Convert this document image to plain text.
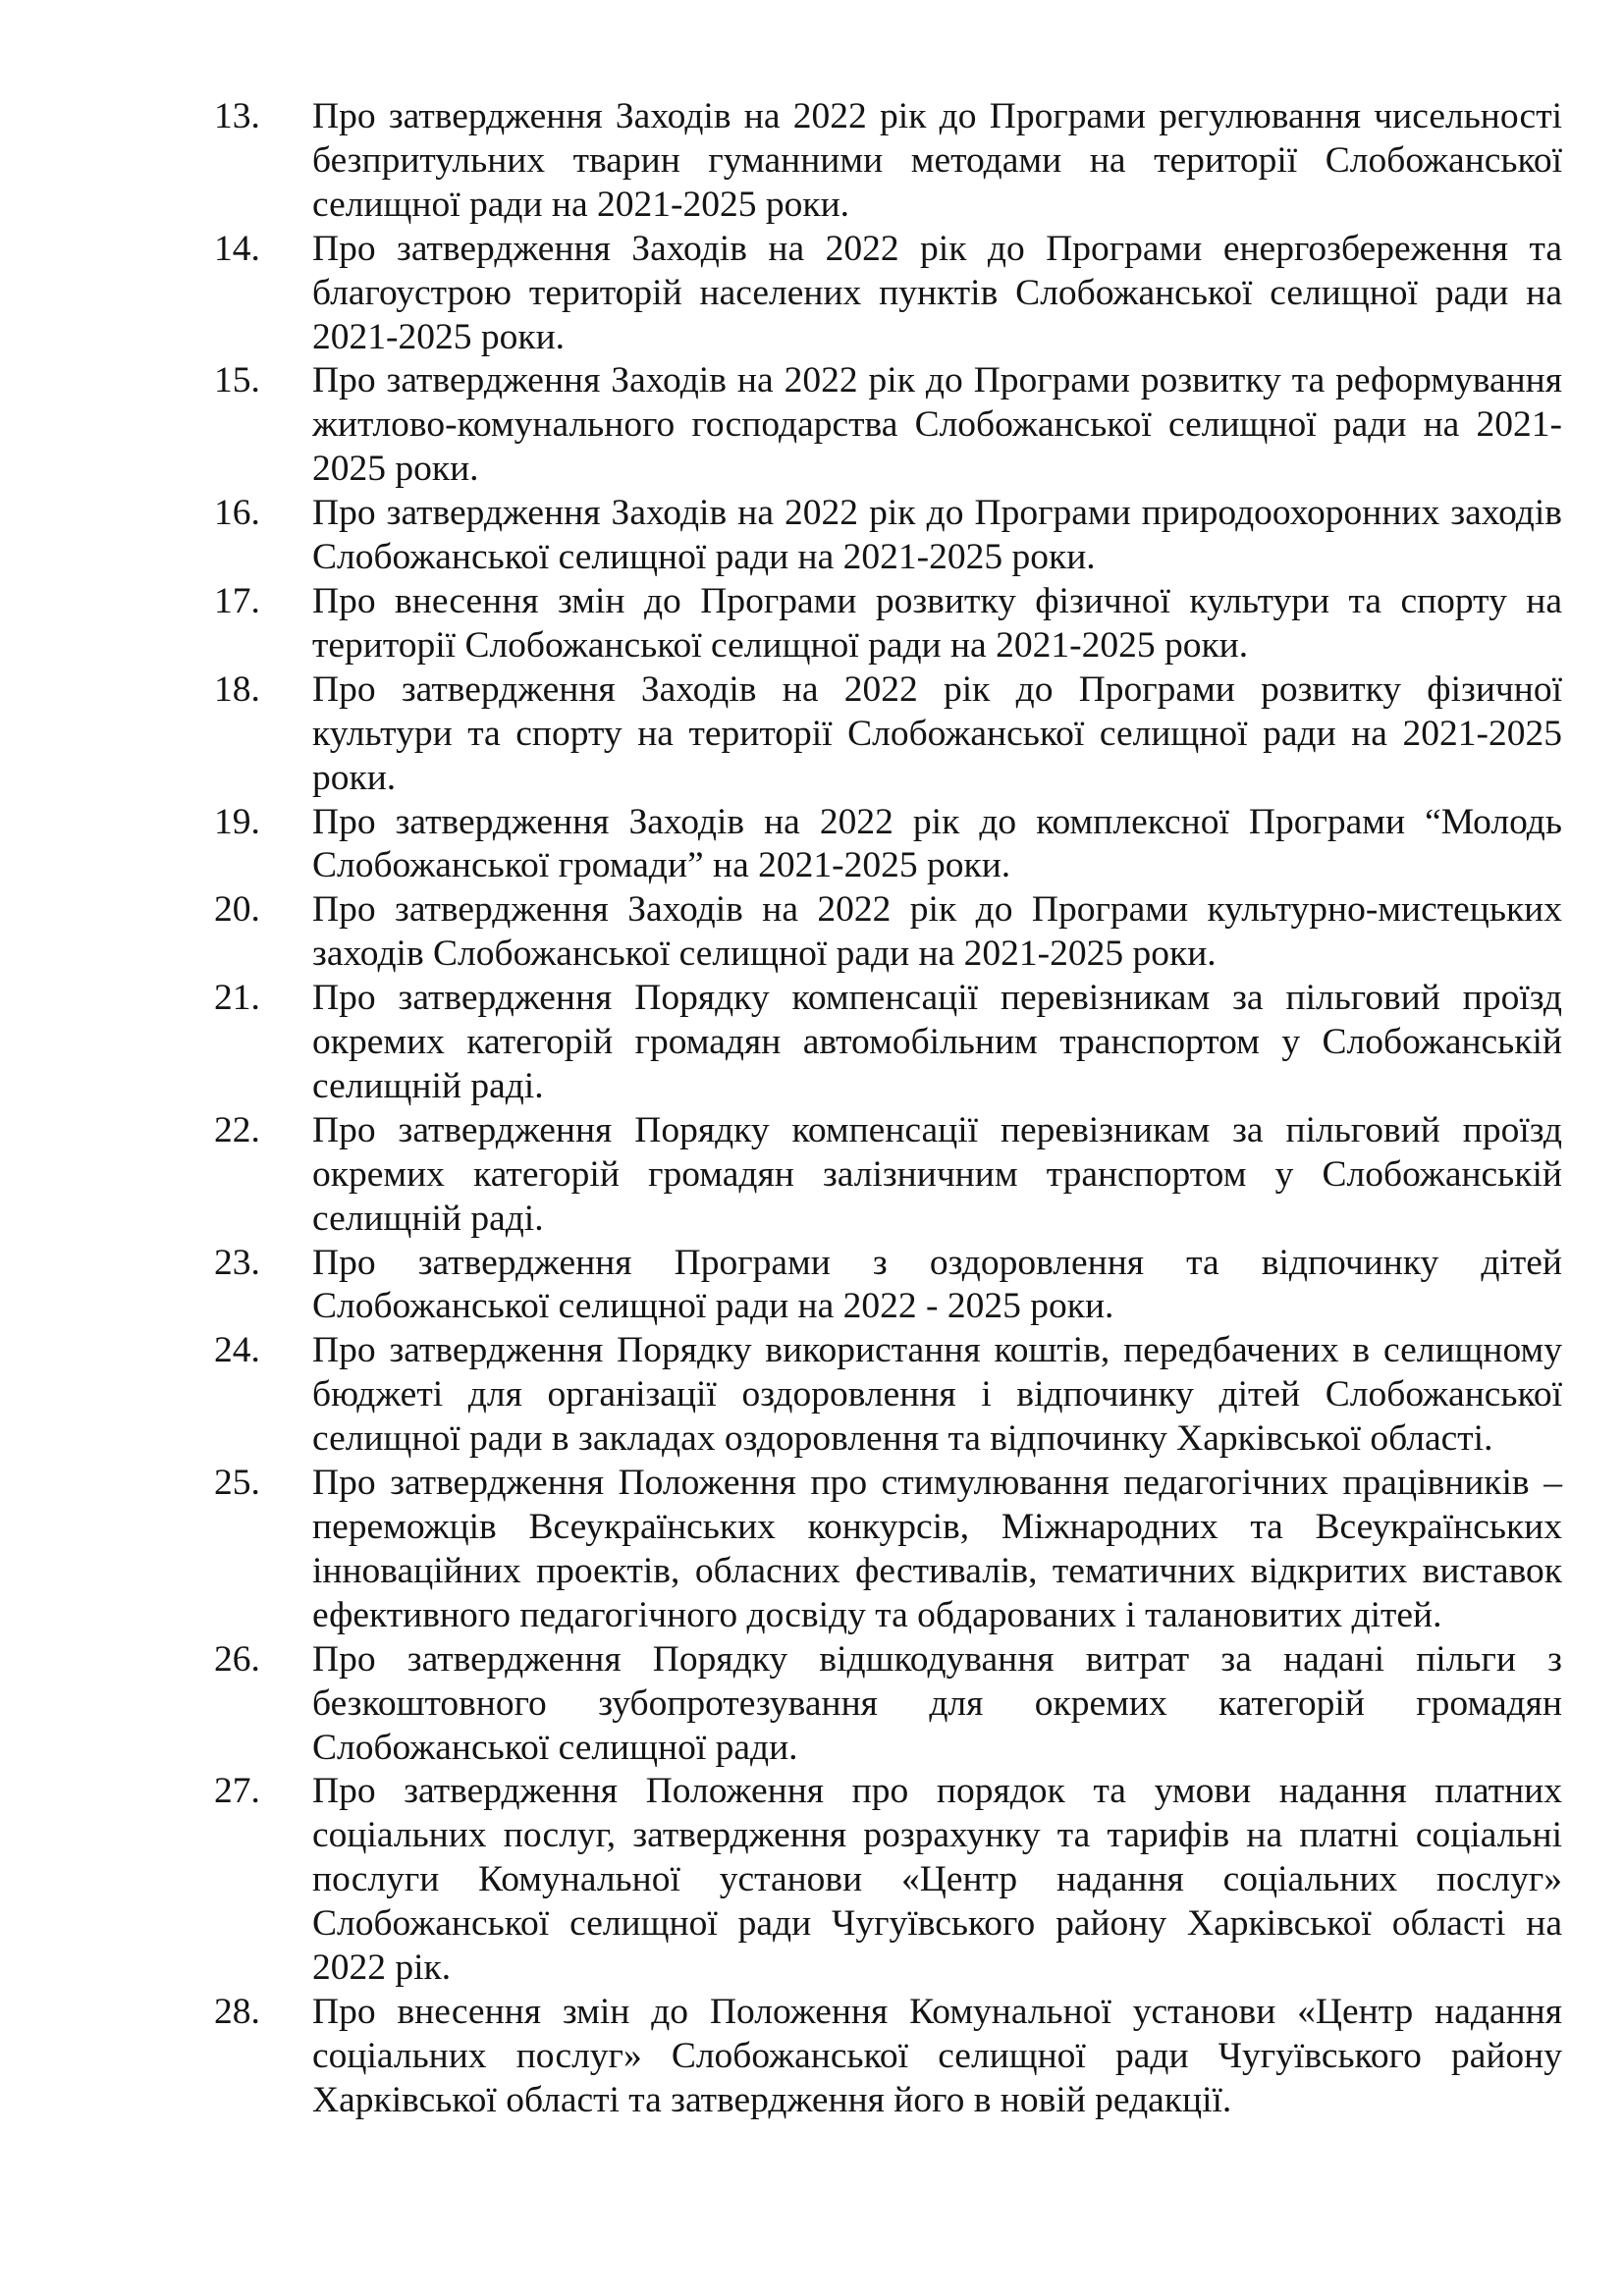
13.	Про затвердження Заходів на 2022 рік до Програми регулювання чисельності безпритульних тварин гуманними методами на території Слобожанської селищної ради на 2021-2025 роки.
14.	Про затвердження Заходів на 2022 рік до Програми енергозбереження та благоустрою територій населених пунктів Слобожанської селищної ради на 2021-2025 роки.
15.	Про затвердження Заходів на 2022 рік до Програми розвитку та реформування житлово-комунального господарства Слобожанської селищної ради на 2021-2025 роки.
16.	Про затвердження Заходів на 2022 рік до Програми природоохоронних заходів Слобожанської селищної ради на 2021-2025 роки.
17.	Про внесення змін до Програми розвитку фізичної культури та спорту на території Слобожанської селищної ради на 2021-2025 роки.
18.	Про затвердження Заходів на 2022 рік до Програми розвитку фізичної культури та спорту на території Слобожанської селищної ради на 2021-2025 роки.
19.	Про затвердження Заходів на 2022 рік до комплексної Програми “Молодь Слобожанської громади” на 2021-2025 роки.
20.	Про затвердження Заходів на 2022 рік до Програми культурно-мистецьких заходів Слобожанської селищної ради на 2021-2025 роки.
21.	Про затвердження Порядку компенсації перевізникам за пільговий проїзд окремих категорій громадян автомобільним транспортом у Слобожанській селищній раді.
22.	Про затвердження Порядку компенсації перевізникам за пільговий проїзд окремих категорій громадян залізничним транспортом у Слобожанській селищній раді.
23.	Про затвердження Програми з оздоровлення та відпочинку дітей Слобожанської селищної ради на 2022 - 2025 роки.
24.	Про затвердження Порядку використання коштів, передбачених в селищному бюджеті для організації оздоровлення і відпочинку дітей Слобожанської селищної ради в закладах оздоровлення та відпочинку Харківської області.
25.	Про затвердження Положення про стимулювання педагогічних працівників – переможців Всеукраїнських конкурсів, Міжнародних та Всеукраїнських інноваційних проектів, обласних фестивалів, тематичних відкритих виставок ефективного педагогічного досвіду та обдарованих і талановитих дітей.
26.	Про затвердження Порядку відшкодування витрат за надані пільги з безкоштовного зубопротезування для окремих категорій громадян Слобожанської селищної ради.
27.	Про затвердження Положення про порядок та умови надання платних соціальних послуг, затвердження розрахунку та тарифів на платні соціальні послуги Комунальної установи «Центр надання соціальних послуг» Слобожанської селищної ради Чугуївського району Харківської області на 2022 рік.
28.	Про внесення змін до Положення Комунальної установи «Центр надання соціальних послуг» Слобожанської селищної ради Чугуївського району Харківської області та затвердження його в новій редакції.
